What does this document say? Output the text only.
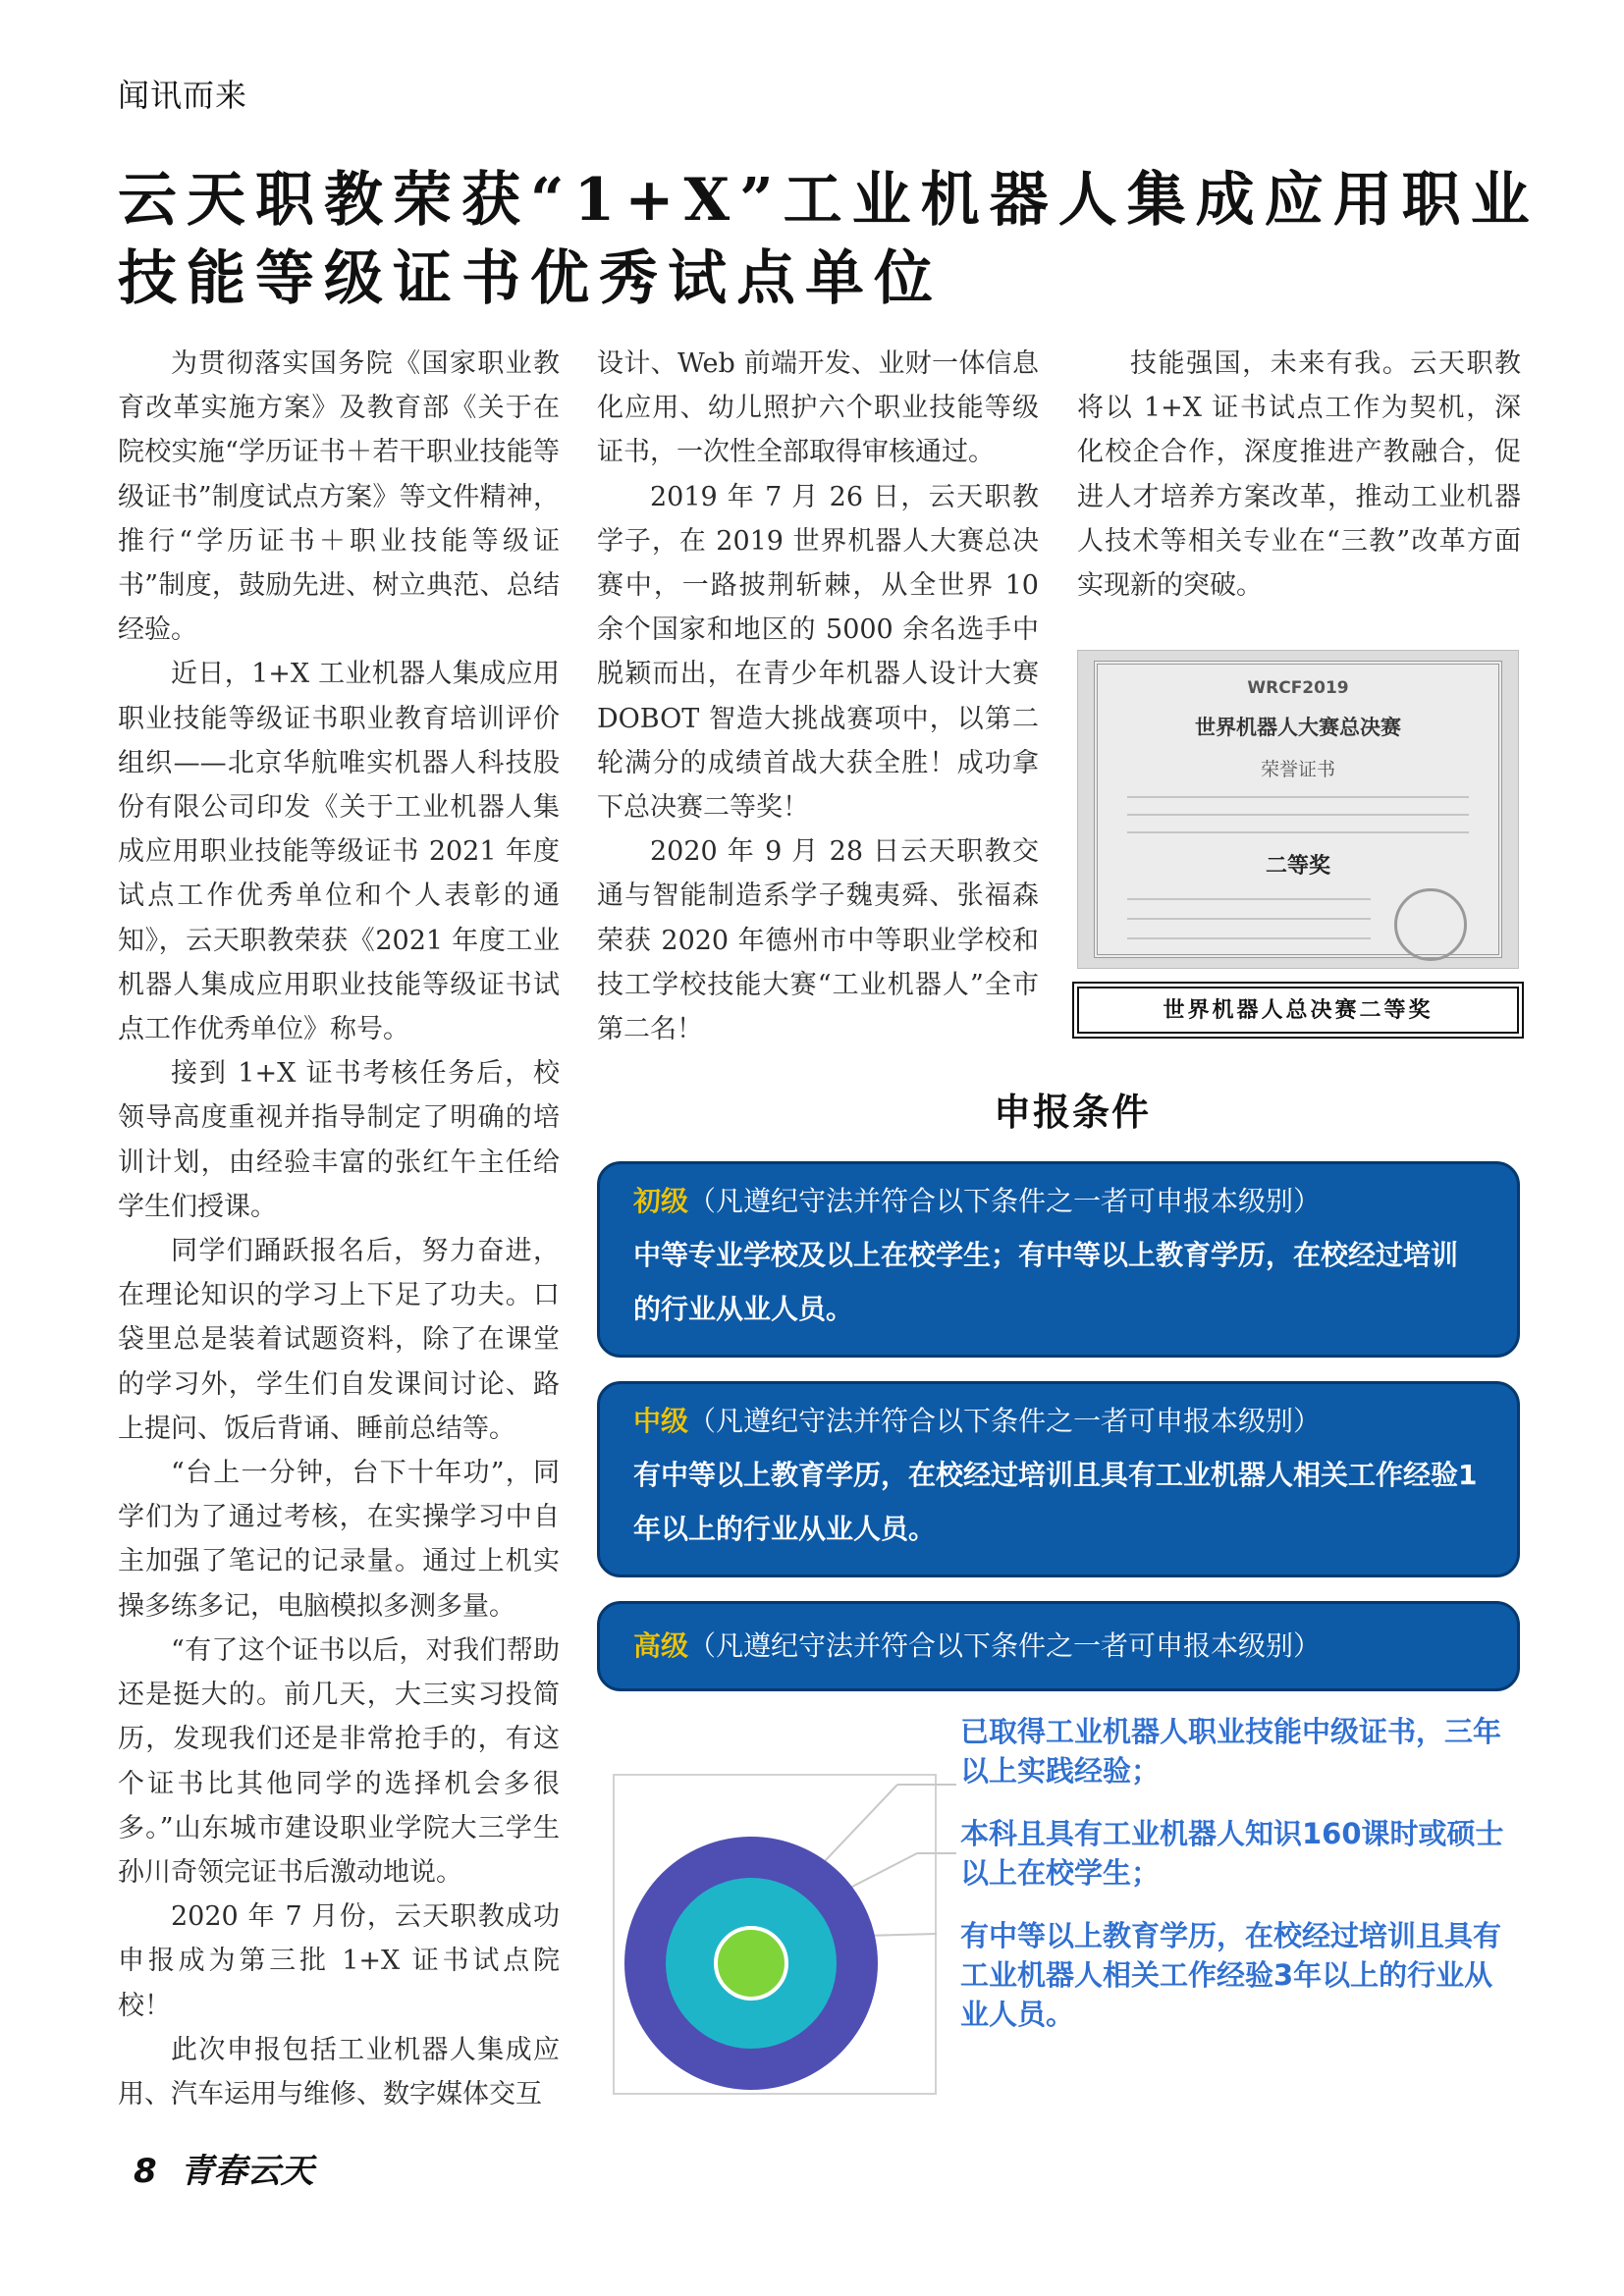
闻讯而来
云天职教荣获“1+X”工业机器人集成应用职业
技能等级证书优秀试点单位

为贯彻落实国务院《国家职业教育改革实施方案》及教育部《关于在院校实施“学历证书＋若干职业技能等级证书”制度试点方案》等文件精神，推行“学历证书＋职业技能等级证书”制度，鼓励先进、树立典范、总结经验。

近日，1+X 工业机器人集成应用职业技能等级证书职业教育培训评价组织——北京华航唯实机器人科技股份有限公司印发《关于工业机器人集成应用职业技能等级证书 2021 年度试点工作优秀单位和个人表彰的通知》，云天职教荣获《2021 年度工业机器人集成应用职业技能等级证书试点工作优秀单位》称号。

接到 1+X 证书考核任务后，校领导高度重视并指导制定了明确的培训计划，由经验丰富的张红午主任给学生们授课。

同学们踊跃报名后，努力奋进，在理论知识的学习上下足了功夫。口袋里总是装着试题资料，除了在课堂的学习外，学生们自发课间讨论、路上提问、饭后背诵、睡前总结等。

“台上一分钟，台下十年功”，同学们为了通过考核，在实操学习中自主加强了笔记的记录量。通过上机实操多练多记，电脑模拟多测多量。

“有了这个证书以后，对我们帮助还是挺大的。前几天，大三实习投简历，发现我们还是非常抢手的，有这个证书比其他同学的选择机会多很多。”山东城市建设职业学院大三学生孙川奇领完证书后激动地说。

2020 年 7 月份，云天职教成功申报成为第三批 1+X 证书试点院校！

此次申报包括工业机器人集成应用、汽车运用与维修、数字媒体交互

设计、Web 前端开发、业财一体信息化应用、幼儿照护六个职业技能等级证书，一次性全部取得审核通过。

2019 年 7 月 26 日，云天职教学子，在 2019 世界机器人大赛总决赛中，一路披荆斩棘，从全世界 10 余个国家和地区的 5000 余名选手中脱颖而出，在青少年机器人设计大赛 DOBOT 智造大挑战赛项中，以第二轮满分的成绩首战大获全胜！成功拿下总决赛二等奖！

2020 年 9 月 28 日云天职教交通与智能制造系学子魏夷舜、张福森荣获 2020 年德州市中等职业学校和技工学校技能大赛“工业机器人”全市第二名！

技能强国，未来有我。云天职教将以 1+X 证书试点工作为契机，深化校企合作，深度推进产教融合，促进人才培养方案改革，推动工业机器人技术等相关专业在“三教”改革方面实现新的突破。

WRCF2019
世界机器人大赛总决赛
荣誉证书
二等奖
世界机器人总决赛二等奖
申报条件
初级（凡遵纪守法并符合以下条件之一者可申报本级别）
中等专业学校及以上在校学生；有中等以上教育学历，在校经过培训的行业从业人员。
中级（凡遵纪守法并符合以下条件之一者可申报本级别）
有中等以上教育学历，在校经过培训且具有工业机器人相关工作经验1年以上的行业从业人员。
高级（凡遵纪守法并符合以下条件之一者可申报本级别）
已取得工业机器人职业技能中级证书，三年以上实践经验；
本科且具有工业机器人知识160课时或硕士以上在校学生；
有中等以上教育学历，在校经过培训且具有工业机器人相关工作经验3年以上的行业从业人员。
8 青春云天
